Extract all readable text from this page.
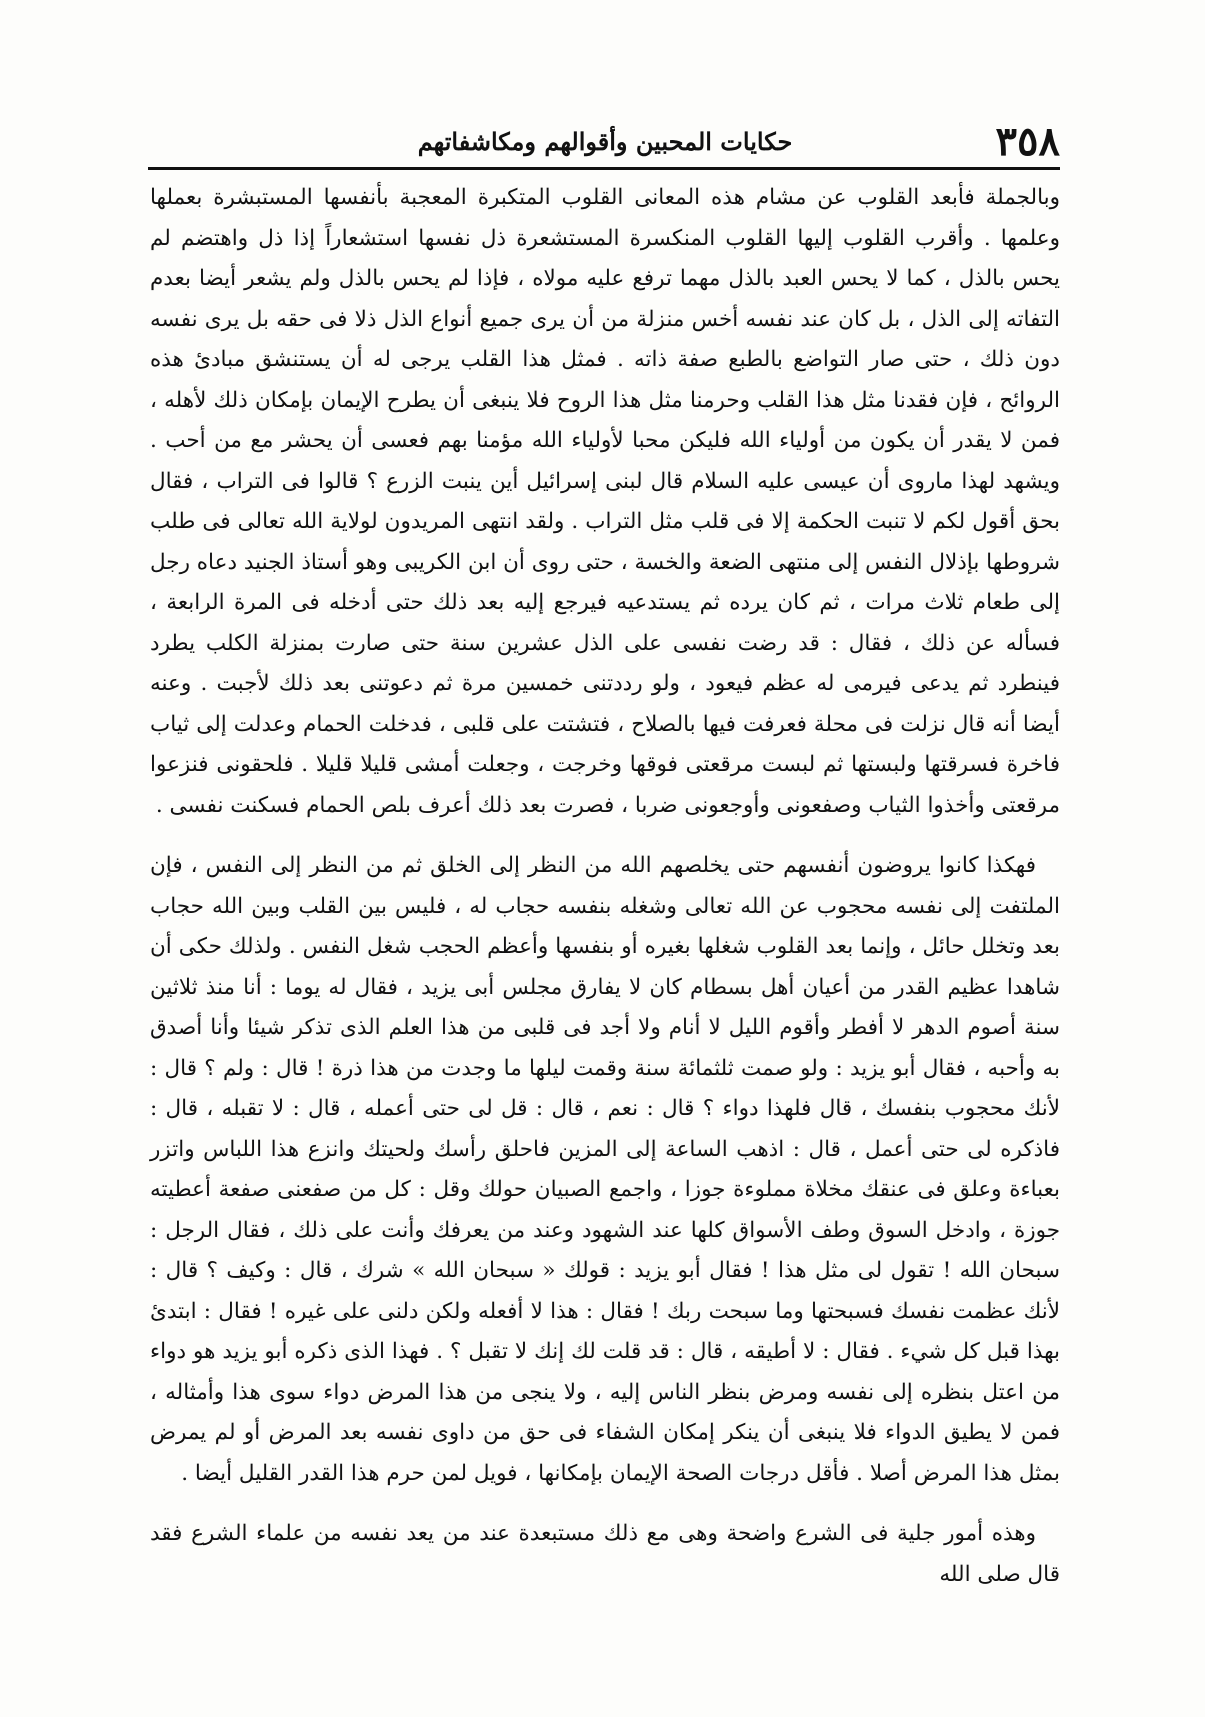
٣٥٨
حكايات المحبين وأقوالهم ومكاشفاتهم

وبالجملة فأبعد القلوب عن مشام هذه المعانى القلوب المتكبرة المعجبة بأنفسها المستبشرة بعملها وعلمها . وأقرب القلوب إليها القلوب المنكسرة المستشعرة ذل نفسها استشعاراً إذا ذل واهتضم لم يحس بالذل ، كما لا يحس العبد بالذل مهما ترفع عليه مولاه ، فإذا لم يحس بالذل ولم يشعر أيضا بعدم التفاته إلى الذل ، بل كان عند نفسه أخس منزلة من أن يرى جميع أنواع الذل ذلا فى حقه بل يرى نفسه دون ذلك ، حتى صار التواضع بالطبع صفة ذاته . فمثل هذا القلب يرجى له أن يستنشق مبادئ هذه الروائح ، فإن فقدنا مثل هذا القلب وحرمنا مثل هذا الروح فلا ينبغى أن يطرح الإيمان بإمكان ذلك لأهله ، فمن لا يقدر أن يكون من أولياء الله فليكن محبا لأولياء الله مؤمنا بهم فعسى أن يحشر مع من أحب . ويشهد لهذا ماروى أن عيسى عليه السلام قال لبنى إسرائيل أين ينبت الزرع ؟ قالوا فى التراب ، فقال بحق أقول لكم لا تنبت الحكمة إلا فى قلب مثل التراب . ولقد انتهى المريدون لولاية الله تعالى فى طلب شروطها بإذلال النفس إلى منتهى الضعة والخسة ، حتى روى أن ابن الكريبى وهو أستاذ الجنيد دعاه رجل إلى طعام ثلاث مرات ، ثم كان يرده ثم يستدعيه فيرجع إليه بعد ذلك حتى أدخله فى المرة الرابعة ، فسأله عن ذلك ، فقال : قد رضت نفسى على الذل عشرين سنة حتى صارت بمنزلة الكلب يطرد فينطرد ثم يدعى فيرمى له عظم فيعود ، ولو رددتنى خمسين مرة ثم دعوتنى بعد ذلك لأجبت . وعنه أيضا أنه قال نزلت فى محلة فعرفت فيها بالصلاح ، فتشتت على قلبى ، فدخلت الحمام وعدلت إلى ثياب فاخرة فسرقتها ولبستها ثم لبست مرقعتى فوقها وخرجت ، وجعلت أمشى قليلا قليلا . فلحقونى فنزعوا مرقعتى وأخذوا الثياب وصفعونى وأوجعونى ضربا ، فصرت بعد ذلك أعرف بلص الحمام فسكنت نفسى .

فهكذا كانوا يروضون أنفسهم حتى يخلصهم الله من النظر إلى الخلق ثم من النظر إلى النفس ، فإن الملتفت إلى نفسه محجوب عن الله تعالى وشغله بنفسه حجاب له ، فليس بين القلب وبين الله حجاب بعد وتخلل حائل ، وإنما بعد القلوب شغلها بغيره أو بنفسها وأعظم الحجب شغل النفس . ولذلك حكى أن شاهدا عظيم القدر من أعيان أهل بسطام كان لا يفارق مجلس أبى يزيد ، فقال له يوما : أنا منذ ثلاثين سنة أصوم الدهر لا أفطر وأقوم الليل لا أنام ولا أجد فى قلبى من هذا العلم الذى تذكر شيئا وأنا أصدق به وأحبه ، فقال أبو يزيد : ولو صمت ثلثمائة سنة وقمت ليلها ما وجدت من هذا ذرة ! قال : ولم ؟ قال : لأنك محجوب بنفسك ، قال فلهذا دواء ؟ قال : نعم ، قال : قل لى حتى أعمله ، قال : لا تقبله ، قال : فاذكره لى حتى أعمل ، قال : اذهب الساعة إلى المزين فاحلق رأسك ولحيتك وانزع هذا اللباس واتزر بعباءة وعلق فى عنقك مخلاة مملوءة جوزا ، واجمع الصبيان حولك وقل : كل من صفعنى صفعة أعطيته جوزة ، وادخل السوق وطف الأسواق كلها عند الشهود وعند من يعرفك وأنت على ذلك ، فقال الرجل : سبحان الله ! تقول لى مثل هذا ! فقال أبو يزيد : قولك « سبحان الله » شرك ، قال : وكيف ؟ قال : لأنك عظمت نفسك فسبحتها وما سبحت ربك ! فقال : هذا لا أفعله ولكن دلنى على غيره ! فقال : ابتدئ بهذا قبل كل شيء . فقال : لا أطيقه ، قال : قد قلت لك إنك لا تقبل ؟ . فهذا الذى ذكره أبو يزيد هو دواء من اعتل بنظره إلى نفسه ومرض بنظر الناس إليه ، ولا ينجى من هذا المرض دواء سوى هذا وأمثاله ، فمن لا يطيق الدواء فلا ينبغى أن ينكر إمكان الشفاء فى حق من داوى نفسه بعد المرض أو لم يمرض بمثل هذا المرض أصلا . فأقل درجات الصحة الإيمان بإمكانها ، فويل لمن حرم هذا القدر القليل أيضا .

وهذه أمور جلية فى الشرع واضحة وهى مع ذلك مستبعدة عند من يعد نفسه من علماء الشرع فقد قال صلى الله
